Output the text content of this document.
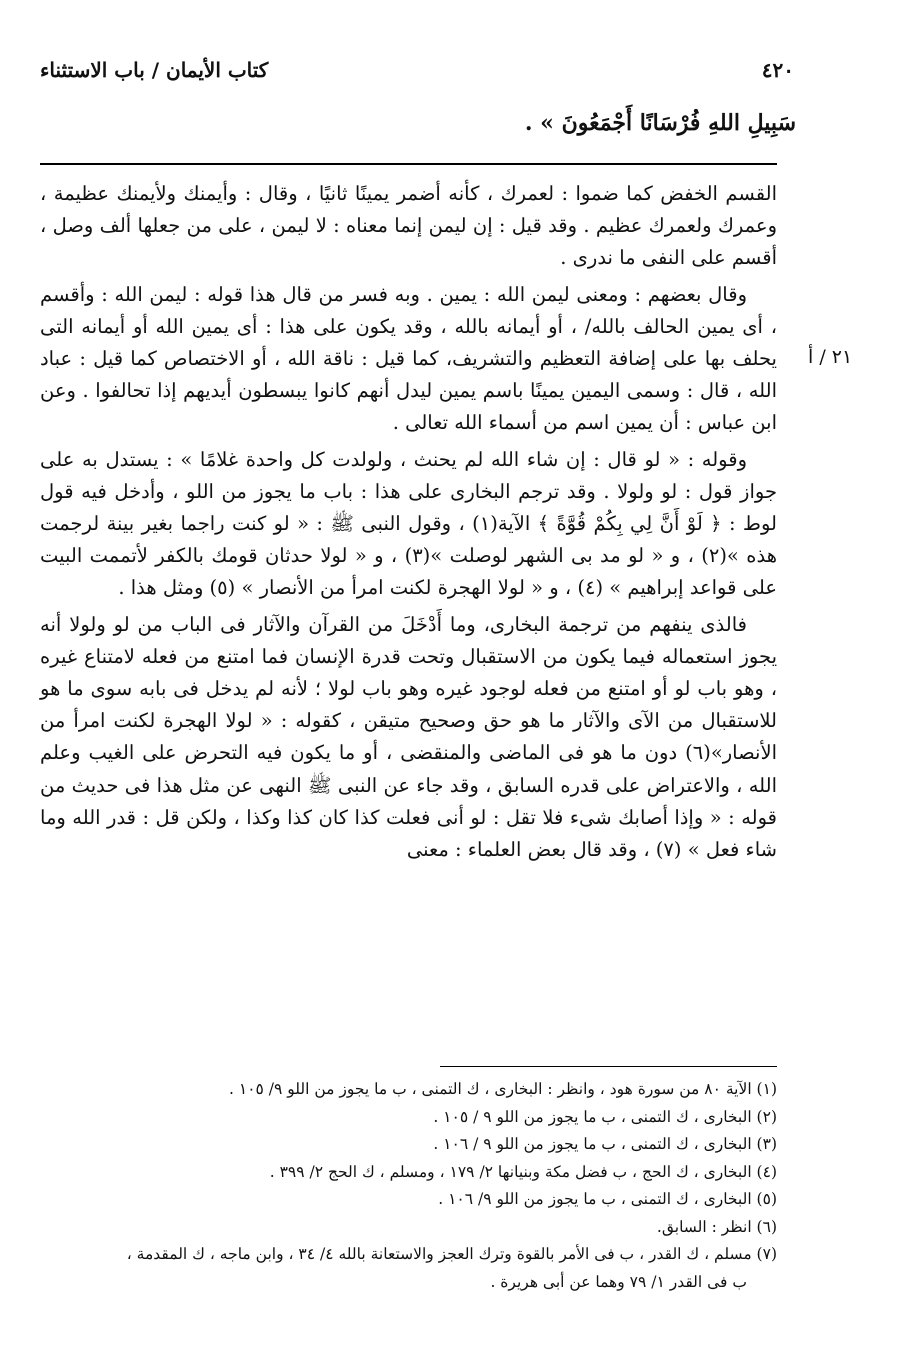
٤٢٠
كتاب الأيمان / باب الاستثناء
سَبِيلِ اللهِ فُرْسَانًا أَجْمَعُونَ » .
٢١ / أ

القسم الخفض كما ضموا : لعمرك ، كأنه أضمر يمينًا ثانيًا ، وقال : وأيمنك ولأيمنك عظيمة ، وعمرك ولعمرك عظيم . وقد قيل : إن ليمن إنما معناه : لا ليمن ، على من جعلها ألف وصل ، أقسم على النفى ما ندرى .

وقال بعضهم : ومعنى ليمن الله : يمين . وبه فسر من قال هذا قوله : ليمن الله : وأقسم ، أى يمين الحالف بالله/ ، أو أيمانه بالله ، وقد يكون على هذا : أى يمين الله أو أيمانه التى يحلف بها على إضافة التعظيم والتشريف، كما قيل : ناقة الله ، أو الاختصاص كما قيل : عباد الله ، قال : وسمى اليمين يمينًا باسم يمين ليدل أنهم كانوا يبسطون أيديهم إذا تحالفوا . وعن ابن عباس : أن يمين اسم من أسماء الله تعالى .

وقوله : « لو قال : إن شاء الله لم يحنث ، ولولدت كل واحدة غلامًا » : يستدل به على جواز قول : لو ولولا . وقد ترجم البخارى على هذا : باب ما يجوز من اللو ، وأدخل فيه قول لوط : ﴿ لَوْ أَنَّ لِي بِكُمْ قُوَّةً ﴾ الآية(١) ، وقول النبى ﷺ : « لو كنت راجما بغير بينة لرجمت هذه »(٢) ، و « لو مد بى الشهر لوصلت »(٣) ، و « لولا حدثان قومك بالكفر لأتممت البيت على قواعد إبراهيم » (٤) ، و « لولا الهجرة لكنت امرأ من الأنصار » (٥) ومثل هذا .

فالذى ينفهم من ترجمة البخارى، وما أَدْخَلَ من القرآن والآثار فى الباب من لو ولولا أنه يجوز استعماله فيما يكون من الاستقبال وتحت قدرة الإنسان فما امتنع من فعله لامتناع غيره ، وهو باب لو أو امتنع من فعله لوجود غيره وهو باب لولا ؛ لأنه لم يدخل فى بابه سوى ما هو للاستقبال من الآى والآثار ما هو حق وصحيح متيقن ، كقوله : « لولا الهجرة لكنت امرأ من الأنصار»(٦) دون ما هو فى الماضى والمنقضى ، أو ما يكون فيه التحرض على الغيب وعلم الله ، والاعتراض على قدره السابق ، وقد جاء عن النبى ﷺ النهى عن مثل هذا فى حديث من قوله : « وإذا أصابك شىء فلا تقل : لو أنى فعلت كذا كان كذا وكذا ، ولكن قل : قدر الله وما شاء فعل » (٧) ، وقد قال بعض العلماء : معنى

(١) الآية ٨٠ من سورة هود ، وانظر : البخارى ، ك التمنى ، ب ما يجوز من اللو ٩/ ١٠٥ .

(٢) البخارى ، ك التمنى ، ب ما يجوز من اللو ٩ / ١٠٥ .

(٣) البخارى ، ك التمنى ، ب ما يجوز من اللو ٩ / ١٠٦ .

(٤) البخارى ، ك الحج ، ب فضل مكة وبنيانها ٢/ ١٧٩ ، ومسلم ، ك الحج ٢/ ٣٩٩ .

(٥) البخارى ، ك التمنى ، ب ما يجوز من اللو ٩/ ١٠٦ .

(٦) انظر : السابق.

(٧) مسلم ، ك القدر ، ب فى الأمر بالقوة وترك العجز والاستعانة بالله ٤/ ٣٤ ، وابن ماجه ، ك المقدمة ،

ب فى القدر ١/ ٧٩ وهما عن أبى هريرة .
